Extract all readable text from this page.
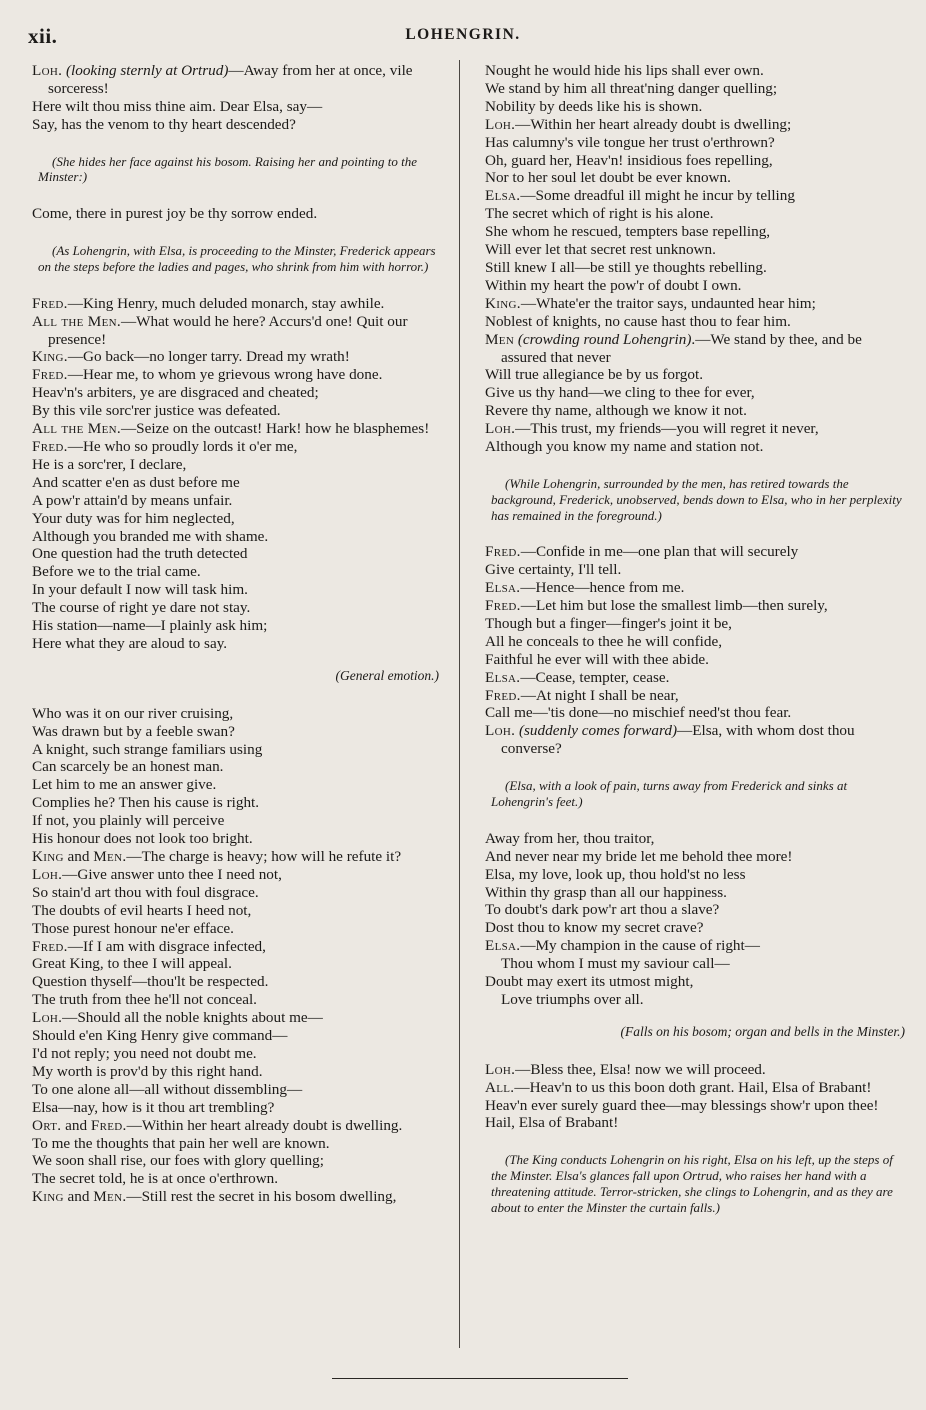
xii.	LOHENGRIN.
Loh. (looking sternly at Ortrud)—Away from her at once, vile sorceress!
Here wilt thou miss thine aim. Dear Elsa, say—
Say, has the venom to thy heart descended?
(She hides her face against his bosom. Raising her and pointing to the Minster:)
Come, there in purest joy be thy sorrow ended.
(As Lohengrin, with Elsa, is proceeding to the Minster, Frederick appears on the steps before the ladies and pages, who shrink from him with horror.)
Fred.—King Henry, much deluded monarch, stay awhile.
All the Men.—What would he here? Accurs'd one! Quit our presence!
King.—Go back—no longer tarry. Dread my wrath!
Fred.—Hear me, to whom ye grievous wrong have done.
Heav'n's arbiters, ye are disgraced and cheated;
By this vile sorc'rer justice was defeated.
All the Men.—Seize on the outcast! Hark! how he blasphemes!
Fred.—He who so proudly lords it o'er me,
He is a sorc'rer, I declare,
And scatter e'en as dust before me
A pow'r attain'd by means unfair.
Your duty was for him neglected,
Although you branded me with shame.
One question had the truth detected
Before we to the trial came.
In your default I now will task him.
The course of right ye dare not stay.
His station—name—I plainly ask him;
Here what they are aloud to say.
(General emotion.)
Who was it on our river cruising,
Was drawn but by a feeble swan?
A knight, such strange familiars using
Can scarcely be an honest man.
Let him to me an answer give.
Complies he? Then his cause is right.
If not, you plainly will perceive
His honour does not look too bright.
King and Men.—The charge is heavy; how will he refute it?
Loh.—Give answer unto thee I need not,
So stain'd art thou with foul disgrace.
The doubts of evil hearts I heed not,
Those purest honour ne'er efface.
Fred.—If I am with disgrace infected,
Great King, to thee I will appeal.
Question thyself—thou'lt be respected.
The truth from thee he'll not conceal.
Loh.—Should all the noble knights about me—
Should e'en King Henry give command—
I'd not reply; you need not doubt me.
My worth is prov'd by this right hand.
To one alone all—all without dissembling—
Elsa—nay, how is it thou art trembling?
Ort. and Fred.—Within her heart already doubt is dwelling.
To me the thoughts that pain her well are known.
We soon shall rise, our foes with glory quelling;
The secret told, he is at once o'erthrown.
King and Men.—Still rest the secret in his bosom dwelling,
Nought he would hide his lips shall ever own.
We stand by him all threat'ning danger quelling;
Nobility by deeds like his is shown.
Loh.—Within her heart already doubt is dwelling;
Has calumny's vile tongue her trust o'erthrown?
Oh, guard her, Heav'n! insidious foes repelling,
Nor to her soul let doubt be ever known.
Elsa.—Some dreadful ill might he incur by telling
The secret which of right is his alone.
She whom he rescued, tempters base repelling,
Will ever let that secret rest unknown.
Still knew I all—be still ye thoughts rebelling.
Within my heart the pow'r of doubt I own.
King.—Whate'er the traitor says, undaunted hear him;
Noblest of knights, no cause hast thou to fear him.
Men (crowding round Lohengrin).—We stand by thee, and be assured that never
Will true allegiance be by us forgot.
Give us thy hand—we cling to thee for ever,
Revere thy name, although we know it not.
Loh.—This trust, my friends—you will regret it never,
Although you know my name and station not.
(While Lohengrin, surrounded by the men, has retired towards the background, Frederick, unobserved, bends down to Elsa, who in her perplexity has remained in the foreground.)
Fred.—Confide in me—one plan that will securely
Give certainty, I'll tell.
Elsa.—Hence—hence from me.
Fred.—Let him but lose the smallest limb—then surely,
Though but a finger—finger's joint it be,
All he conceals to thee he will confide,
Faithful he ever will with thee abide.
Elsa.—Cease, tempter, cease.
Fred.—At night I shall be near,
Call me—'tis done—no mischief need'st thou fear.
Loh. (suddenly comes forward)—Elsa, with whom dost thou converse?
(Elsa, with a look of pain, turns away from Frederick and sinks at Lohengrin's feet.)
Away from her, thou traitor,
And never near my bride let me behold thee more!
Elsa, my love, look up, thou hold'st no less
Within thy grasp than all our happiness.
To doubt's dark pow'r art thou a slave?
Dost thou to know my secret crave?
Elsa.—My champion in the cause of right—
Thou whom I must my saviour call—
Doubt may exert its utmost might,
Love triumphs over all.
(Falls on his bosom; organ and bells in the Minster.)
Loh.—Bless thee, Elsa! now we will proceed.
All.—Heav'n to us this boon doth grant. Hail, Elsa of Brabant!
Heav'n ever surely guard thee—may blessings show'r upon thee!
Hail, Elsa of Brabant!
(The King conducts Lohengrin on his right, Elsa on his left, up the steps of the Minster. Elsa's glances fall upon Ortrud, who raises her hand with a threatening attitude. Terror-stricken, she clings to Lohengrin, and as they are about to enter the Minster the curtain falls.)
